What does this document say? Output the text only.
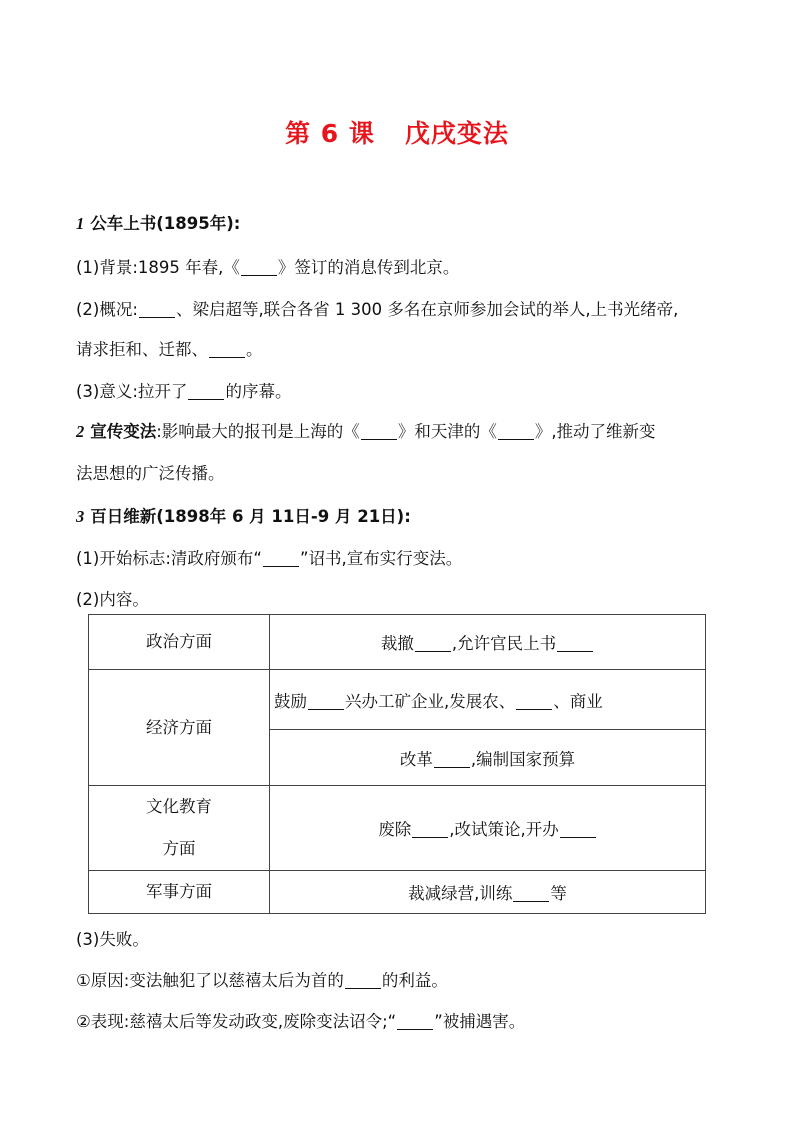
第 6 课 戊戌变法
1 公车上书(1895年):
(1)背景:1895 年春,《 》签订的消息传到北京。
(2)概况: 、梁启超等,联合各省 1 300 多名在京师参加会试的举人,上书光绪帝,
请求拒和、迁都、 。
(3)意义:拉开了 的序幕。
2 宣传变法:影响最大的报刊是上海的《 》和天津的《 》,推动了维新变
法思想的广泛传播。
3 百日维新(1898年 6 月 11日-9 月 21日):
(1)开始标志:清政府颁布“ ”诏书,宣布实行变法。
(2)内容。
政治方面	裁撤 ,允许官民上书
经济方面	鼓励 兴办工矿企业,发展农、 、商业
	改革 ,编制国家预算
文化教育
方面	废除 ,改试策论,开办
军事方面	裁减绿营,训练 等
(3)失败。
①原因:变法触犯了以慈禧太后为首的 的利益。
②表现:慈禧太后等发动政变,废除变法诏令;“ ”被捕遇害。
